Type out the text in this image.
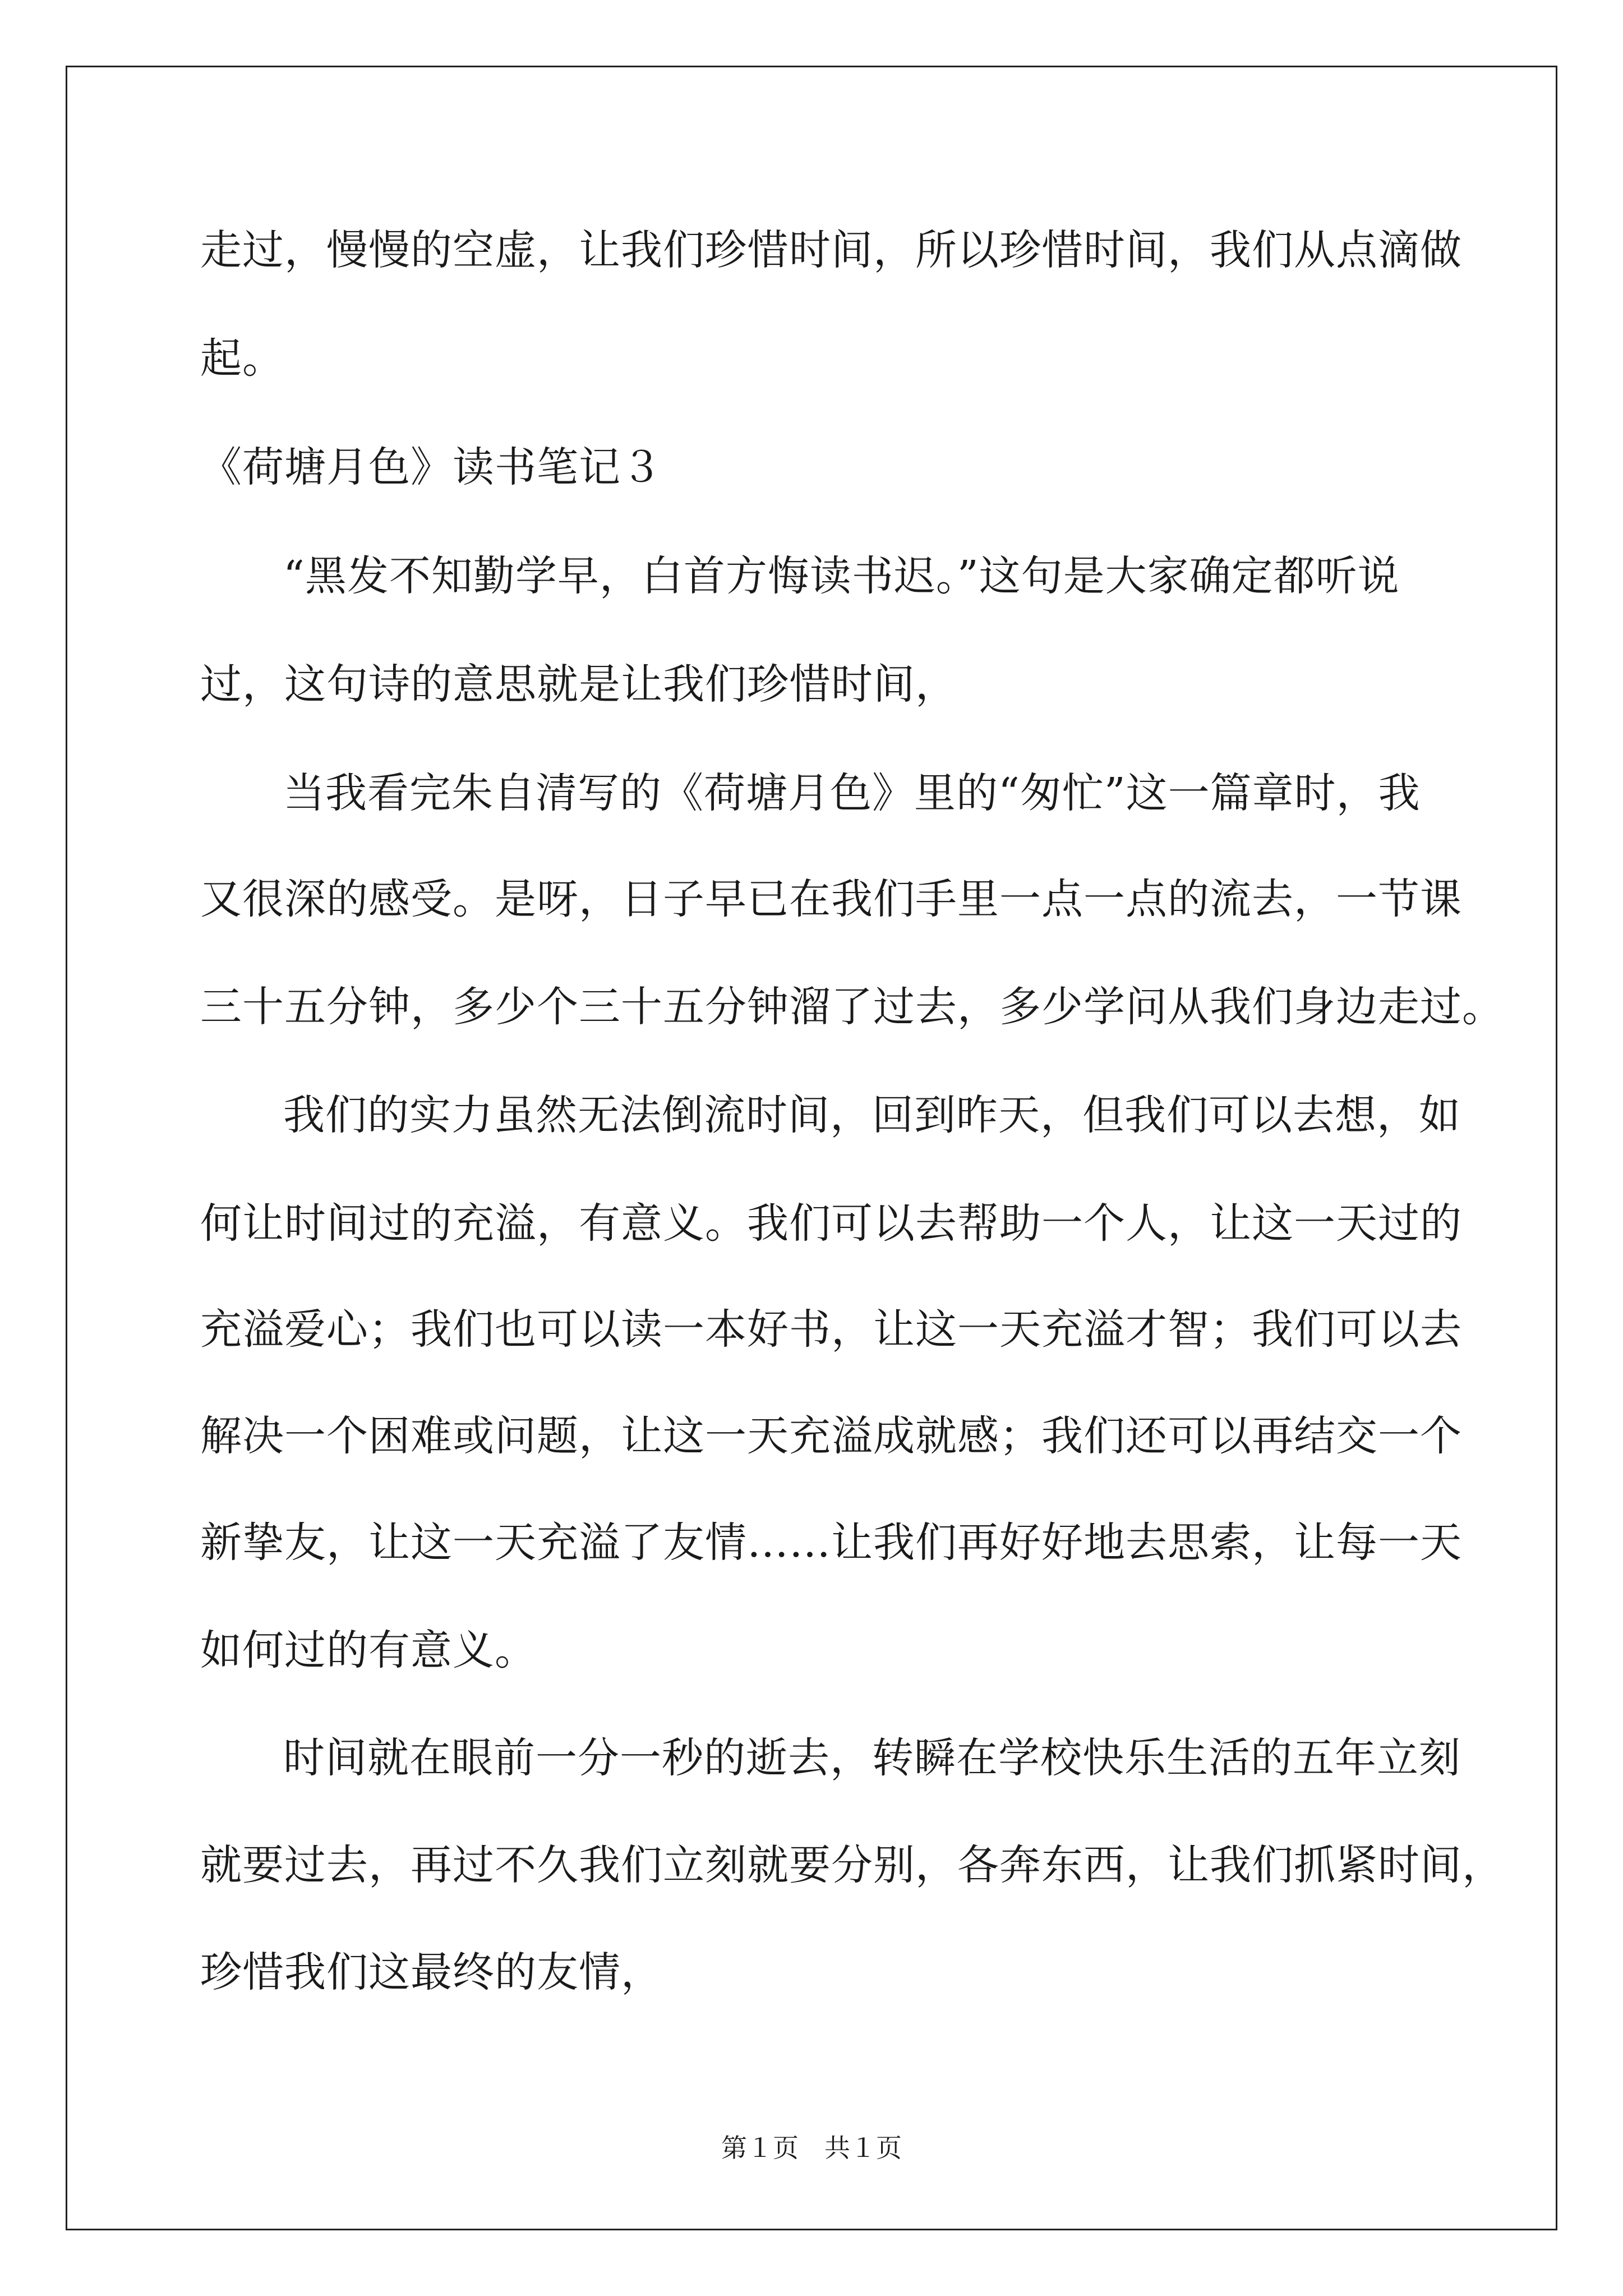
走过，慢慢的空虚，让我们珍惜时间，所以珍惜时间，我们从点滴做
起。
《荷塘月色》读书笔记３
“黑发不知勤学早，白首方悔读书迟。”这句是大家确定都听说
过，这句诗的意思就是让我们珍惜时间，
当我看完朱自清写的《荷塘月色》里的“匆忙”这一篇章时，我
又很深的感受。是呀，日子早已在我们手里一点一点的流去，一节课
三十五分钟，多少个三十五分钟溜了过去，多少学问从我们身边走过。
我们的实力虽然无法倒流时间，回到昨天，但我们可以去想，如
何让时间过的充溢，有意义。我们可以去帮助一个人，让这一天过的
充溢爱心；我们也可以读一本好书，让这一天充溢才智；我们可以去
解决一个困难或问题，让这一天充溢成就感；我们还可以再结交一个
新挚友，让这一天充溢了友情……让我们再好好地去思索，让每一天
如何过的有意义。
时间就在眼前一分一秒的逝去，转瞬在学校快乐生活的五年立刻
就要过去，再过不久我们立刻就要分别，各奔东西，让我们抓紧时间，
珍惜我们这最终的友情，
第１页　共１页
